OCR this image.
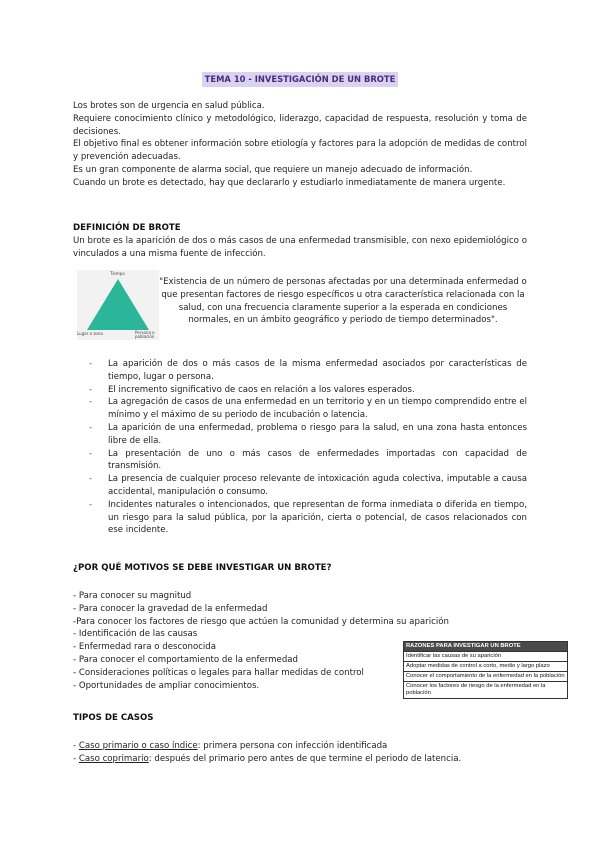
TEMA 10 - INVESTIGACIÓN DE UN BROTE
Los brotes son de urgencia en salud pública.
Requiere conocimiento clínico y metodológico, liderazgo, capacidad de respuesta, resolución y toma de decisiones.
El objetivo final es obtener información sobre etiología y factores para la adopción de medidas de control y prevención adecuadas.
Es un gran componente de alarma social, que requiere un manejo adecuado de información.
Cuando un brote es detectado, hay que declararlo y estudiarlo inmediatamente de manera urgente.
DEFINICIÓN DE BROTE
Un brote es la aparición de dos o más casos de una enfermedad transmisible, con nexo epidemiológico o vinculados a una misma fuente de infección.
Tiempo
Lugar o zona	Persona o población
"Existencia de un número de personas afectadas por una determinada enfermedad o que presentan factores de riesgo específicos u otra característica relacionada con la salud, con una frecuencia claramente superior a la esperada en condiciones normales, en un ámbito geográfico y periodo de tiempo determinados".
-	La aparición de dos o más casos de la misma enfermedad asociados por características de tiempo, lugar o persona.
-	El incremento significativo de caos en relación a los valores esperados.
-	La agregación de casos de una enfermedad en un territorio y en un tiempo comprendido entre el mínimo y el máximo de su periodo de incubación o latencia.
-	La aparición de una enfermedad, problema o riesgo para la salud, en una zona hasta entonces libre de ella.
-	La presentación de uno o más casos de enfermedades importadas con capacidad de transmisión.
-	La presencia de cualquier proceso relevante de intoxicación aguda colectiva, imputable a causa accidental, manipulación o consumo.
-	Incidentes naturales o intencionados, que representan de forma inmediata o diferida en tiempo, un riesgo para la salud pública, por la aparición, cierta o potencial, de casos relacionados con ese incidente.
¿POR QUÉ MOTIVOS SE DEBE INVESTIGAR UN BROTE?
- Para conocer su magnitud
- Para conocer la gravedad de la enfermedad
-Para conocer los factores de riesgo que actúen la comunidad y determina su aparición
- Identificación de las causas
- Enfermedad rara o desconocida
- Para conocer el comportamiento de la enfermedad
- Consideraciones políticas o legales para hallar medidas de control
- Oportunidades de ampliar conocimientos.
RAZONES PARA INVESTIGAR UN BROTE
Identificar las causas de su aparición
Adoptar medidas de control a corto, medio y largo plazo
Conocer el comportamiento de la enfermedad en la población
Conocer los factores de riesgo de la enfermedad en la población
TIPOS DE CASOS
- Caso primario o caso índice: primera persona con infección identificada
- Caso coprimario: después del primario pero antes de que termine el periodo de latencia.
